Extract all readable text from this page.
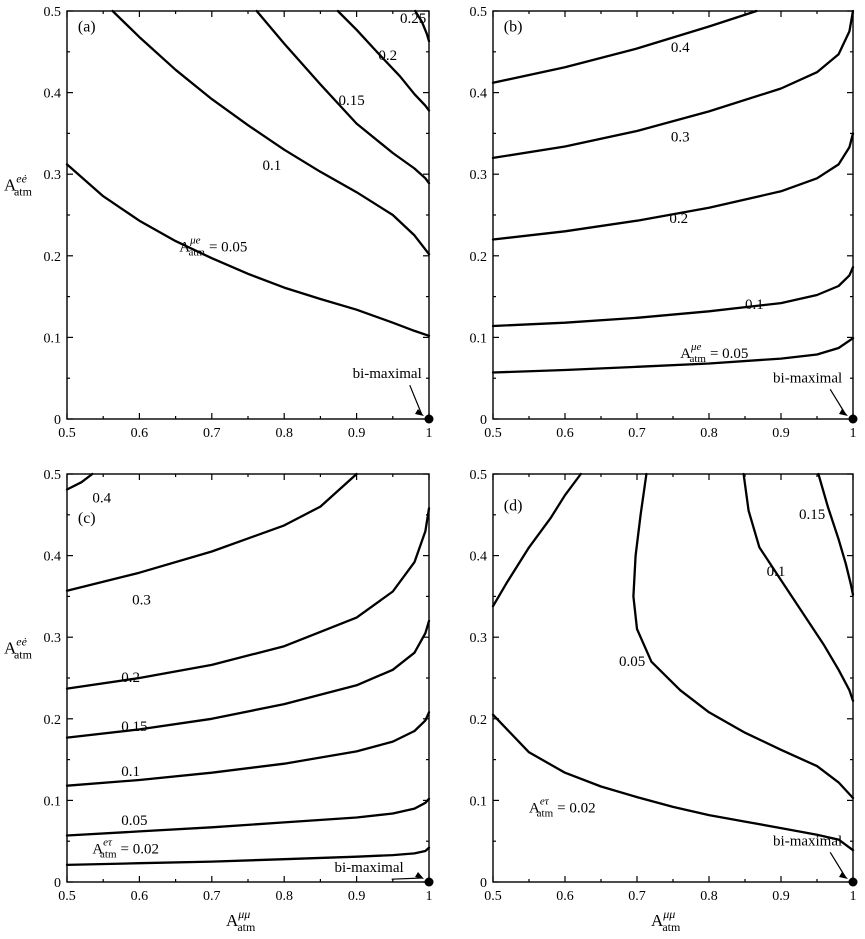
0.5	0.6	0.7	0.8	0.9	1
0
0.1
0.2
0.3
0.4
0.5
$A^{\mu e}$ atm = 0.05
0.1
0.15
0.2
0.25
(a)
bi-maximal
$A^{eė}$ atm
0.5	0.6	0.7	0.8	0.9	1
0
0.1
0.2
0.3
0.4
0.5
$A^{\mu e}$ atm = 0.05
0.1
0.2
0.3
0.4
(b)
bi-maximal
0.5	0.6	0.7	0.8	0.9	1
0
0.1
0.2
0.3
0.4
0.5
$A^{e\tau}$ atm = 0.02
0.05
0.1
0.15
0.2
0.3
0.4
(c)
bi-maximal
$A^{eė}$ atm
$A^{\mu\mu}$ atm
0.5	0.6	0.7	0.8	0.9	1
0
0.1
0.2
0.3
0.4
0.5
$A^{e\tau}$ atm = 0.02
0.05
0.1
0.15
(d)
bi-maximal
$A^{\mu\mu}$ atm
